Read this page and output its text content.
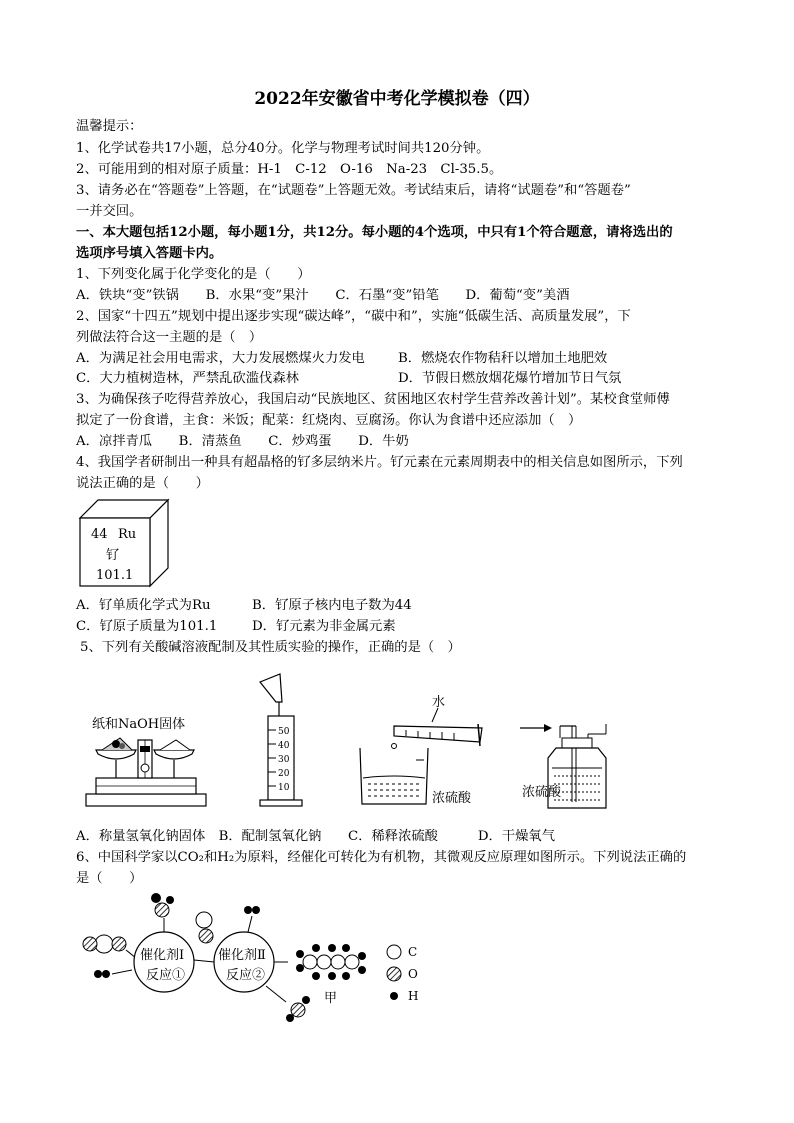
2022年安徽省中考化学模拟卷（四）
温馨提示：
1、化学试卷共17小题，总分40分。化学与物理考试时间共120分钟。
2、可能用到的相对原子质量：H-1　C-12　O-16　Na-23　Cl-35.5。
3、请务必在“答题卷”上答题，在“试题卷”上答题无效。考试结束后，请将“试题卷”和“答题卷”
一并交回。
一、本大题包括12小题，每小题1分，共12分。每小题的4个选项，中只有1个符合题意，请将选出的
选项序号填入答题卡内。
1、下列变化属于化学变化的是（　　）
A．铁块“变”铁锅　　B．水果“变”果汁　　C．石墨“变”铅笔　　D．葡萄“变”美酒
2、国家“十四五”规划中提出逐步实现“碳达峰”，“碳中和”，实施“低碳生活、高质量发展”，下
列做法符合这一主题的是（　）
A．为满足社会用电需求，大力发展燃煤火力发电 B．燃烧农作物秸秆以增加土地肥效
C．大力植树造林，严禁乱砍滥伐森林	D．节假日燃放烟花爆竹增加节日气氛
3、为确保孩子吃得营养放心，我国启动“民族地区、贫困地区农村学生营养改善计划”。某校食堂师傅
拟定了一份食谱，主食：米饭；配菜：红烧肉、豆腐汤。你认为食谱中还应添加（　）
A．凉拌青瓜　　B．清蒸鱼　　C．炒鸡蛋　　D．牛奶
4、我国学者研制出一种具有超晶格的钌多层纳米片。钌元素在元素周期表中的相关信息如图所示，下列
说法正确的是（　　）
44 Ru
钌
101.1
A．钌单质化学式为Ru	B．钌原子核内电子数为44
C．钌原子质量为101.1	D．钌元素为非金属元素
5、下列有关酸碱溶液配制及其性质实验的操作，正确的是（　）
纸和NaOH固体	50
40
30
20
10
水
浓硫酸	浓硫酸
A．称量氢氧化钠固体　B．配制氢氧化钠　　C．稀释浓硫酸　　　D．干燥氧气
6、中国科学家以CO₂和H₂为原料，经催化可转化为有机物，其微观反应原理如图所示。下列说法正确的
是（　　）
催化剂Ⅰ
反应①
催化剂Ⅱ
反应②
甲
C
O
H
